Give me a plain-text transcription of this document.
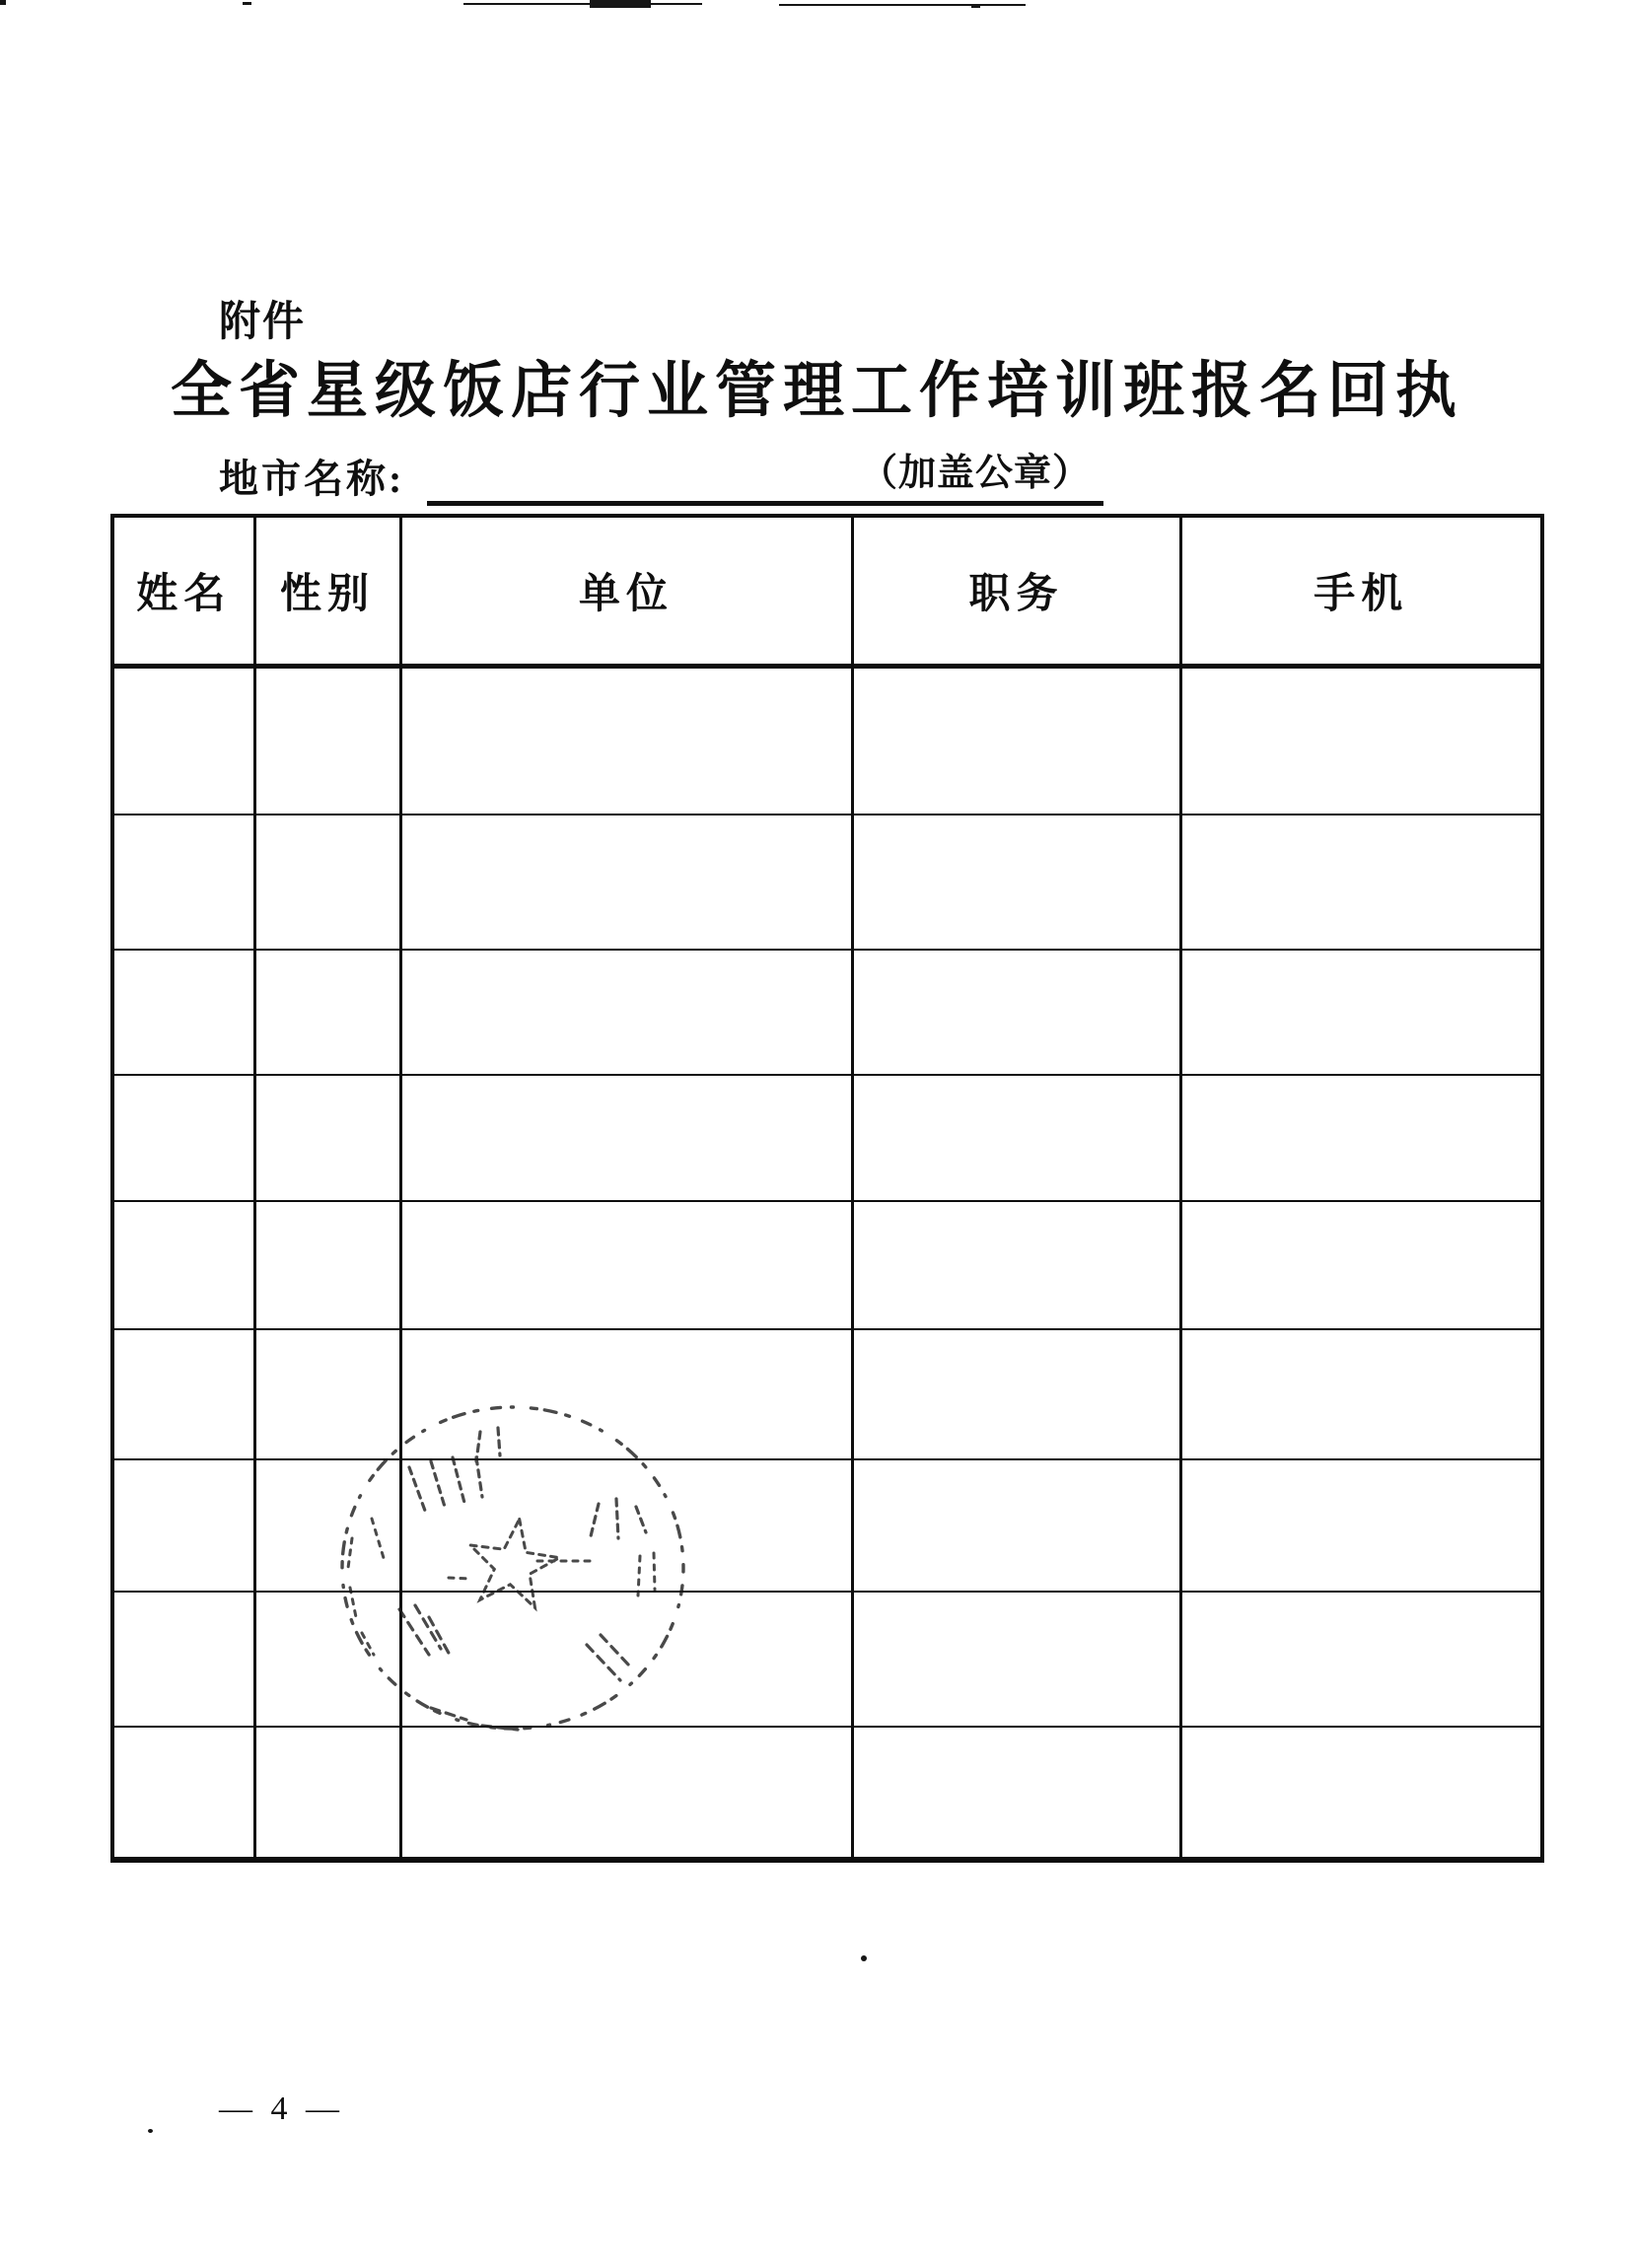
附件
全省星级饭店行业管理工作培训班报名回执
地市名称:	（加盖公章）
姓名	性别	单位	职务	手机

— 4 —
